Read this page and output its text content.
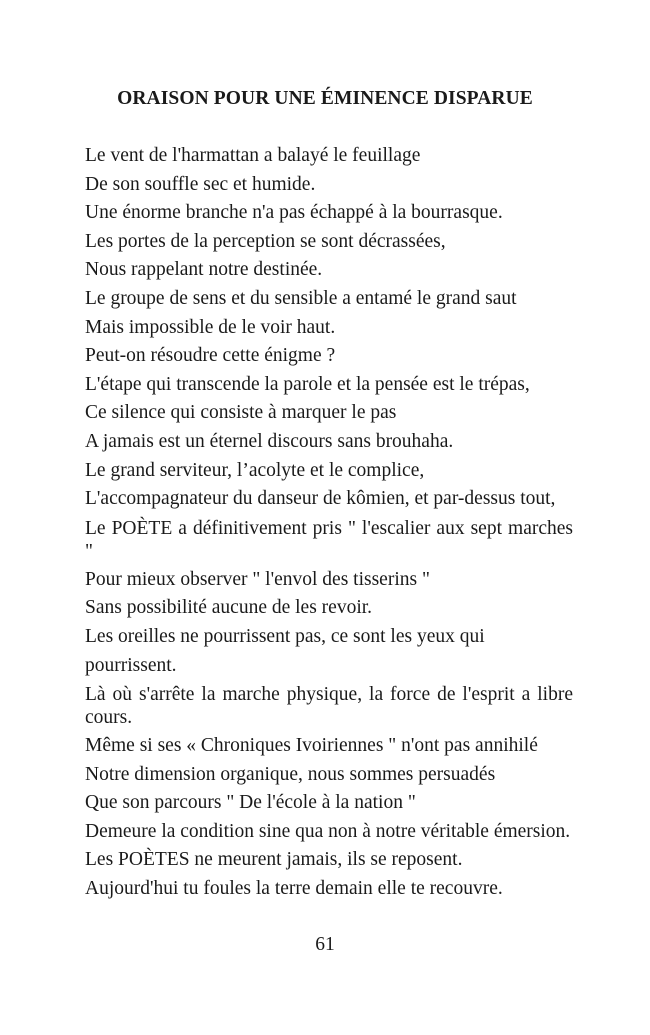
ORAISON POUR UNE ÉMINENCE DISPARUE
Le vent de l'harmattan a balayé le feuillage
De son souffle sec et humide.
Une énorme branche n'a pas échappé à la bourrasque.
Les portes de la perception se sont décrassées,
Nous rappelant notre destinée.
Le groupe de sens et du sensible a entamé le grand saut
Mais impossible de le voir haut.
Peut-on résoudre cette énigme ?
L'étape qui transcende la parole et la pensée est le trépas,
Ce silence qui consiste à marquer le pas
A jamais est un éternel discours sans brouhaha.
Le grand serviteur, l’acolyte et le complice,
L'accompagnateur du danseur de kômien, et par-dessus tout,
Le POÈTE a définitivement pris " l'escalier aux sept marches "
Pour mieux observer " l'envol des tisserins "
Sans possibilité aucune de les revoir.
Les oreilles ne pourrissent pas, ce sont les yeux qui pourrissent.
Là où s'arrête la marche physique, la force de l'esprit a libre cours.
Même si ses « Chroniques Ivoiriennes " n'ont pas annihilé
Notre dimension organique, nous sommes persuadés
Que son parcours " De l'école à la nation "
Demeure la condition sine qua non à notre véritable émersion.
Les POÈTES ne meurent jamais, ils se reposent.
Aujourd'hui tu foules la terre demain elle te recouvre.
61
